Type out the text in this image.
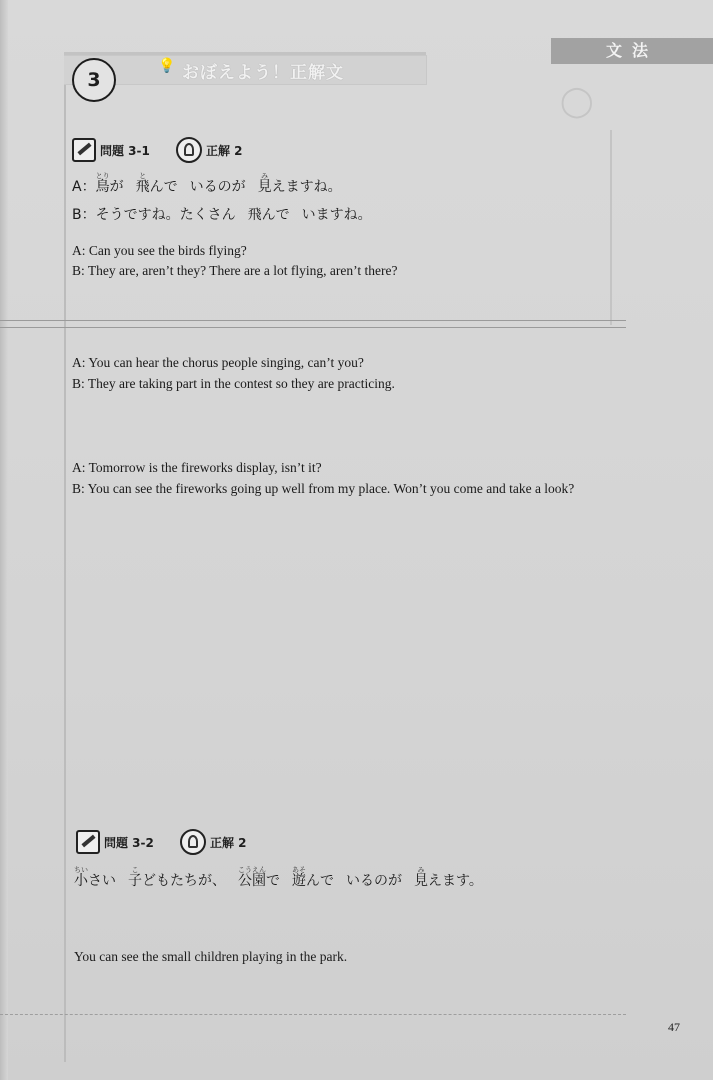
◯
💡 おぼえよう！正解文
3
文法
問題 3-1	正解 2
A：鳥とりが 飛とんで いるのが 見みえますね。
B：そうですね。たくさん 飛んで いますね。
A: Can you see the birds flying?
B: They are, aren’t they? There are a lot flying, aren’t there?
A: You can hear the chorus people singing, can’t you?
B: They are taking part in the contest so they are practicing.
A: Tomorrow is the fireworks display, isn’t it?
B: You can see the fireworks going up well from my place. Won’t you come and take a look?
問題 3-2	正解 2
小ちいさい 子こどもたちが、 公園こうえんで 遊あそんで いるのが 見みえます。
You can see the small children playing in the park.
47
